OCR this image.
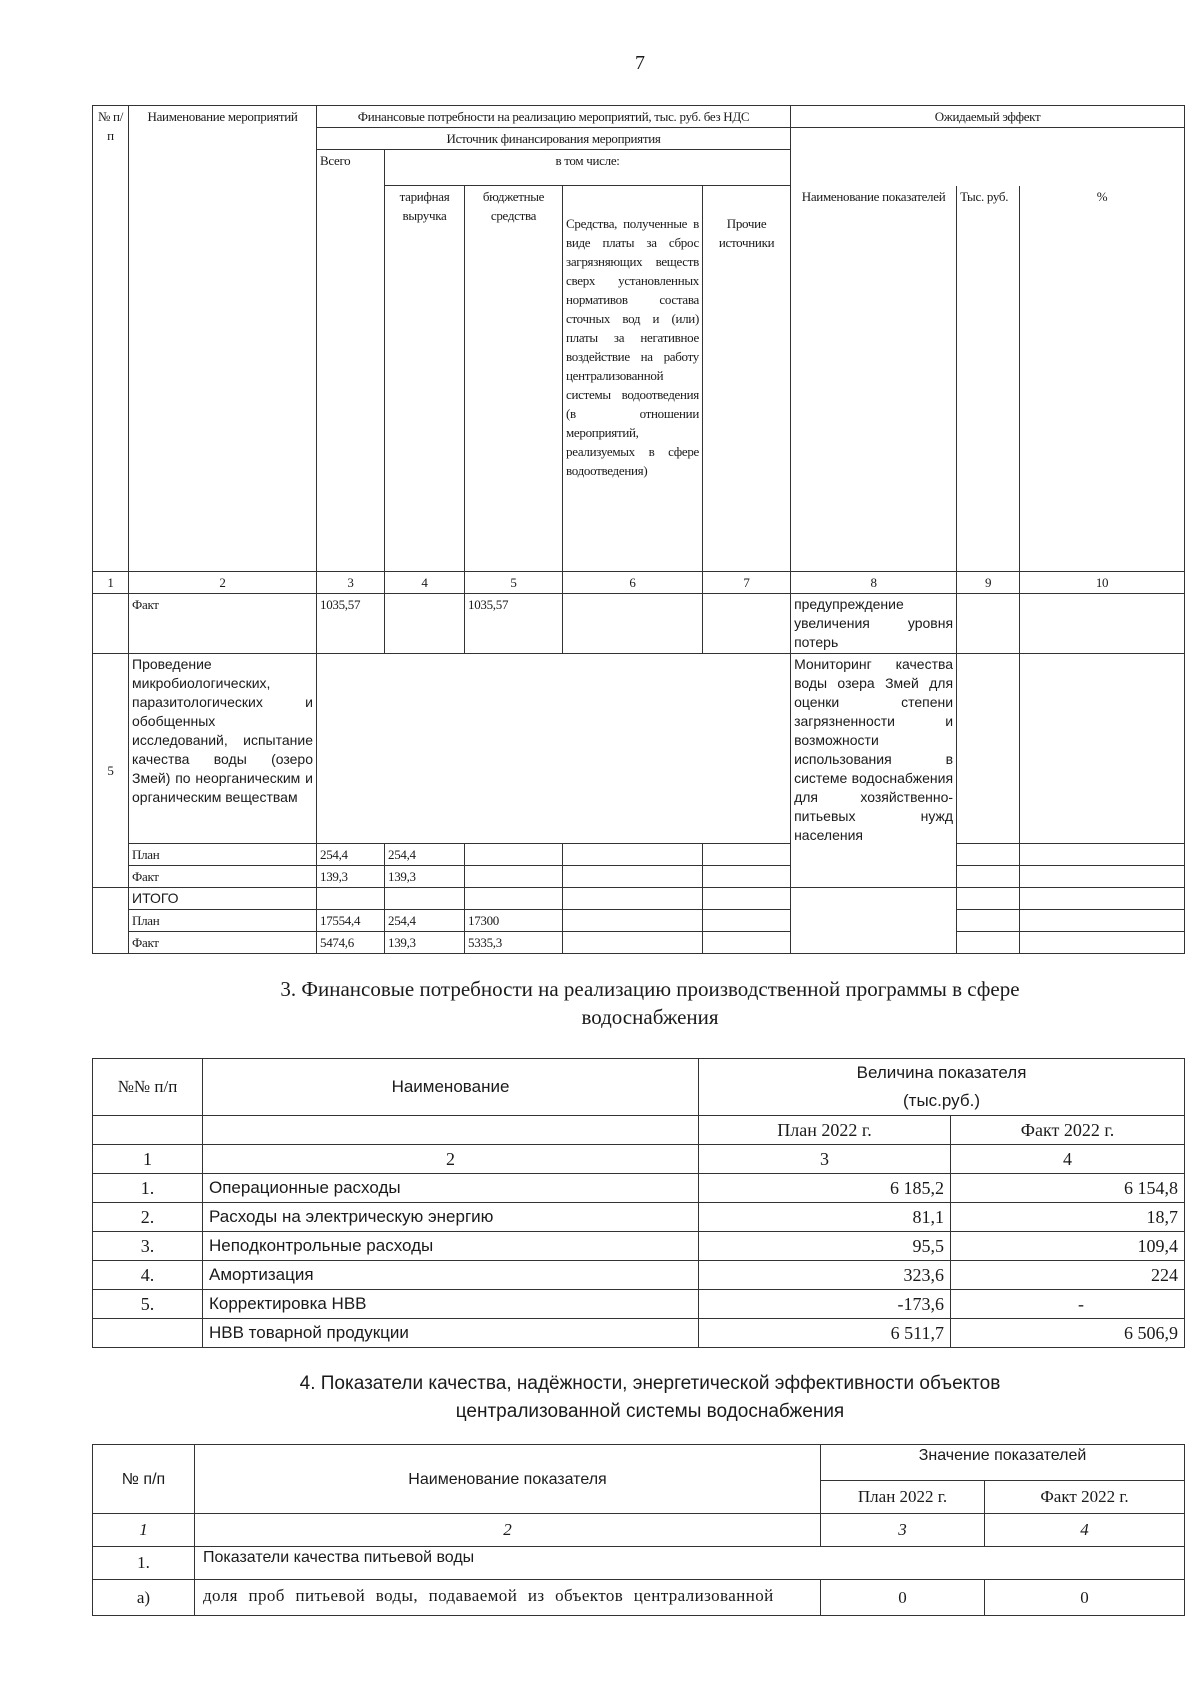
7
№ п/п	Наименование мероприятий	Финансовые потребности на реализацию мероприятий, тыс. руб. без НДС					Ожидаемый эффект		
		Источник финансирования мероприятия							
		Всего	в том числе:						
			тарифная выручка	бюджетные средства	Средства, полученные в виде платы за сброс загрязняющих веществ сверх установленных нормативов состава сточных вод и (или) платы за негативное воздействие на работу централизованной системы водоотведения (в отношении мероприятий, реализуемых в сфере водоотведения)	Прочие источники	Наименование показателей	Тыс. руб.	%
1	2	3	4	5	6	7	8	9	10
	Факт	1035,57		1035,57			предупреждение увеличения уровня потерь		
5	Проведение микробиологических, паразитологических и обобщенных исследований, испытание качества воды (озеро Змей) по неорганическим и органическим веществам						Мониторинг качества воды озера Змей для оценки степени загрязненности и возможности использования в системе водоснабжения для хозяйственно-питьевых нужд населения		
	План	254,4	254,4						
	Факт	139,3	139,3						
	ИТОГО								
	План	17554,4	254,4	17300					
	Факт	5474,6	139,3	5335,3					
3. Финансовые потребности на реализацию производственной программы в сфере
водоснабжения
№№ п/п	Наименование	Величина показателя	
		(тыс.руб.)	
		План 2022 г.	Факт 2022 г.
1	2	3	4
1.	Операционные расходы	6 185,2	6 154,8
2.	Расходы на электрическую энергию	81,1	18,7
3.	Неподконтрольные расходы	95,5	109,4
4.	Амортизация	323,6	224
5.	Корректировка НВВ	-173,6	-
	НВВ товарной продукции	6 511,7	6 506,9
4. Показатели качества, надёжности, энергетической эффективности объектов
централизованной системы водоснабжения
№ п/п	Наименование показателя	Значение показателей	
		План 2022 г.	Факт 2022 г.
1	2	3	4
1.	Показатели качества питьевой воды		
а)	доля проб питьевой воды, подаваемой из объектов централизованной	0	0
